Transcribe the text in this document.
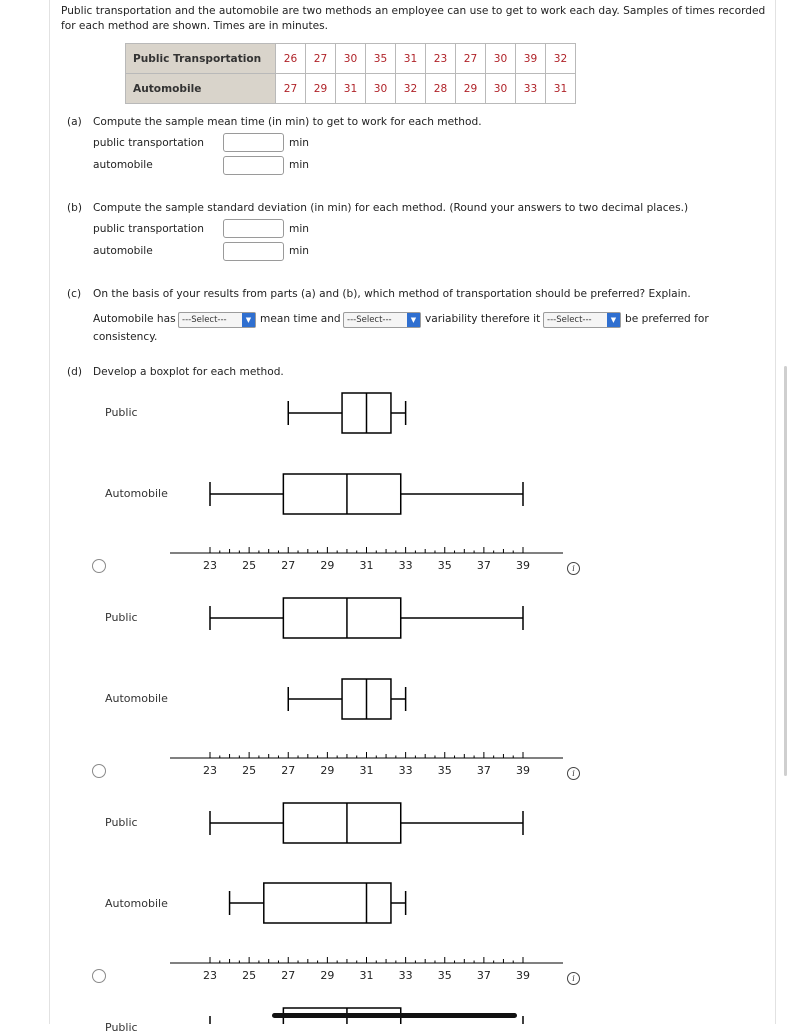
Public transportation and the automobile are two methods an employee can use to get to work each day. Samples of times recorded for each method are shown. Times are in minutes.
Public Transportation	26	27	30	35	31	23	27	30	39	32
Automobile	27	29	31	30	32	28	29	30	33	31
(a) Compute the sample mean time (in min) to get to work for each method.
public transportation	min
automobile	min
(b) Compute the sample standard deviation (in min) for each method. (Round your answers to two decimal places.)
public transportation	min
automobile	min
(c) On the basis of your results from parts (a) and (b), which method of transportation should be preferred? Explain.
Automobile has ---Select---	▼ mean time and ---Select---	▼ variability therefore it ---Select---	▼ be preferred for
consistency.
(d) Develop a boxplot for each method.
Public
Automobile
i
Public
Automobile
i
Public
Automobile
i
Public
23 25 27 29 31 33 35 37 39
23 25 27 29 31 33 35 37 39
23 25 27 29 31 33 35 37 39
